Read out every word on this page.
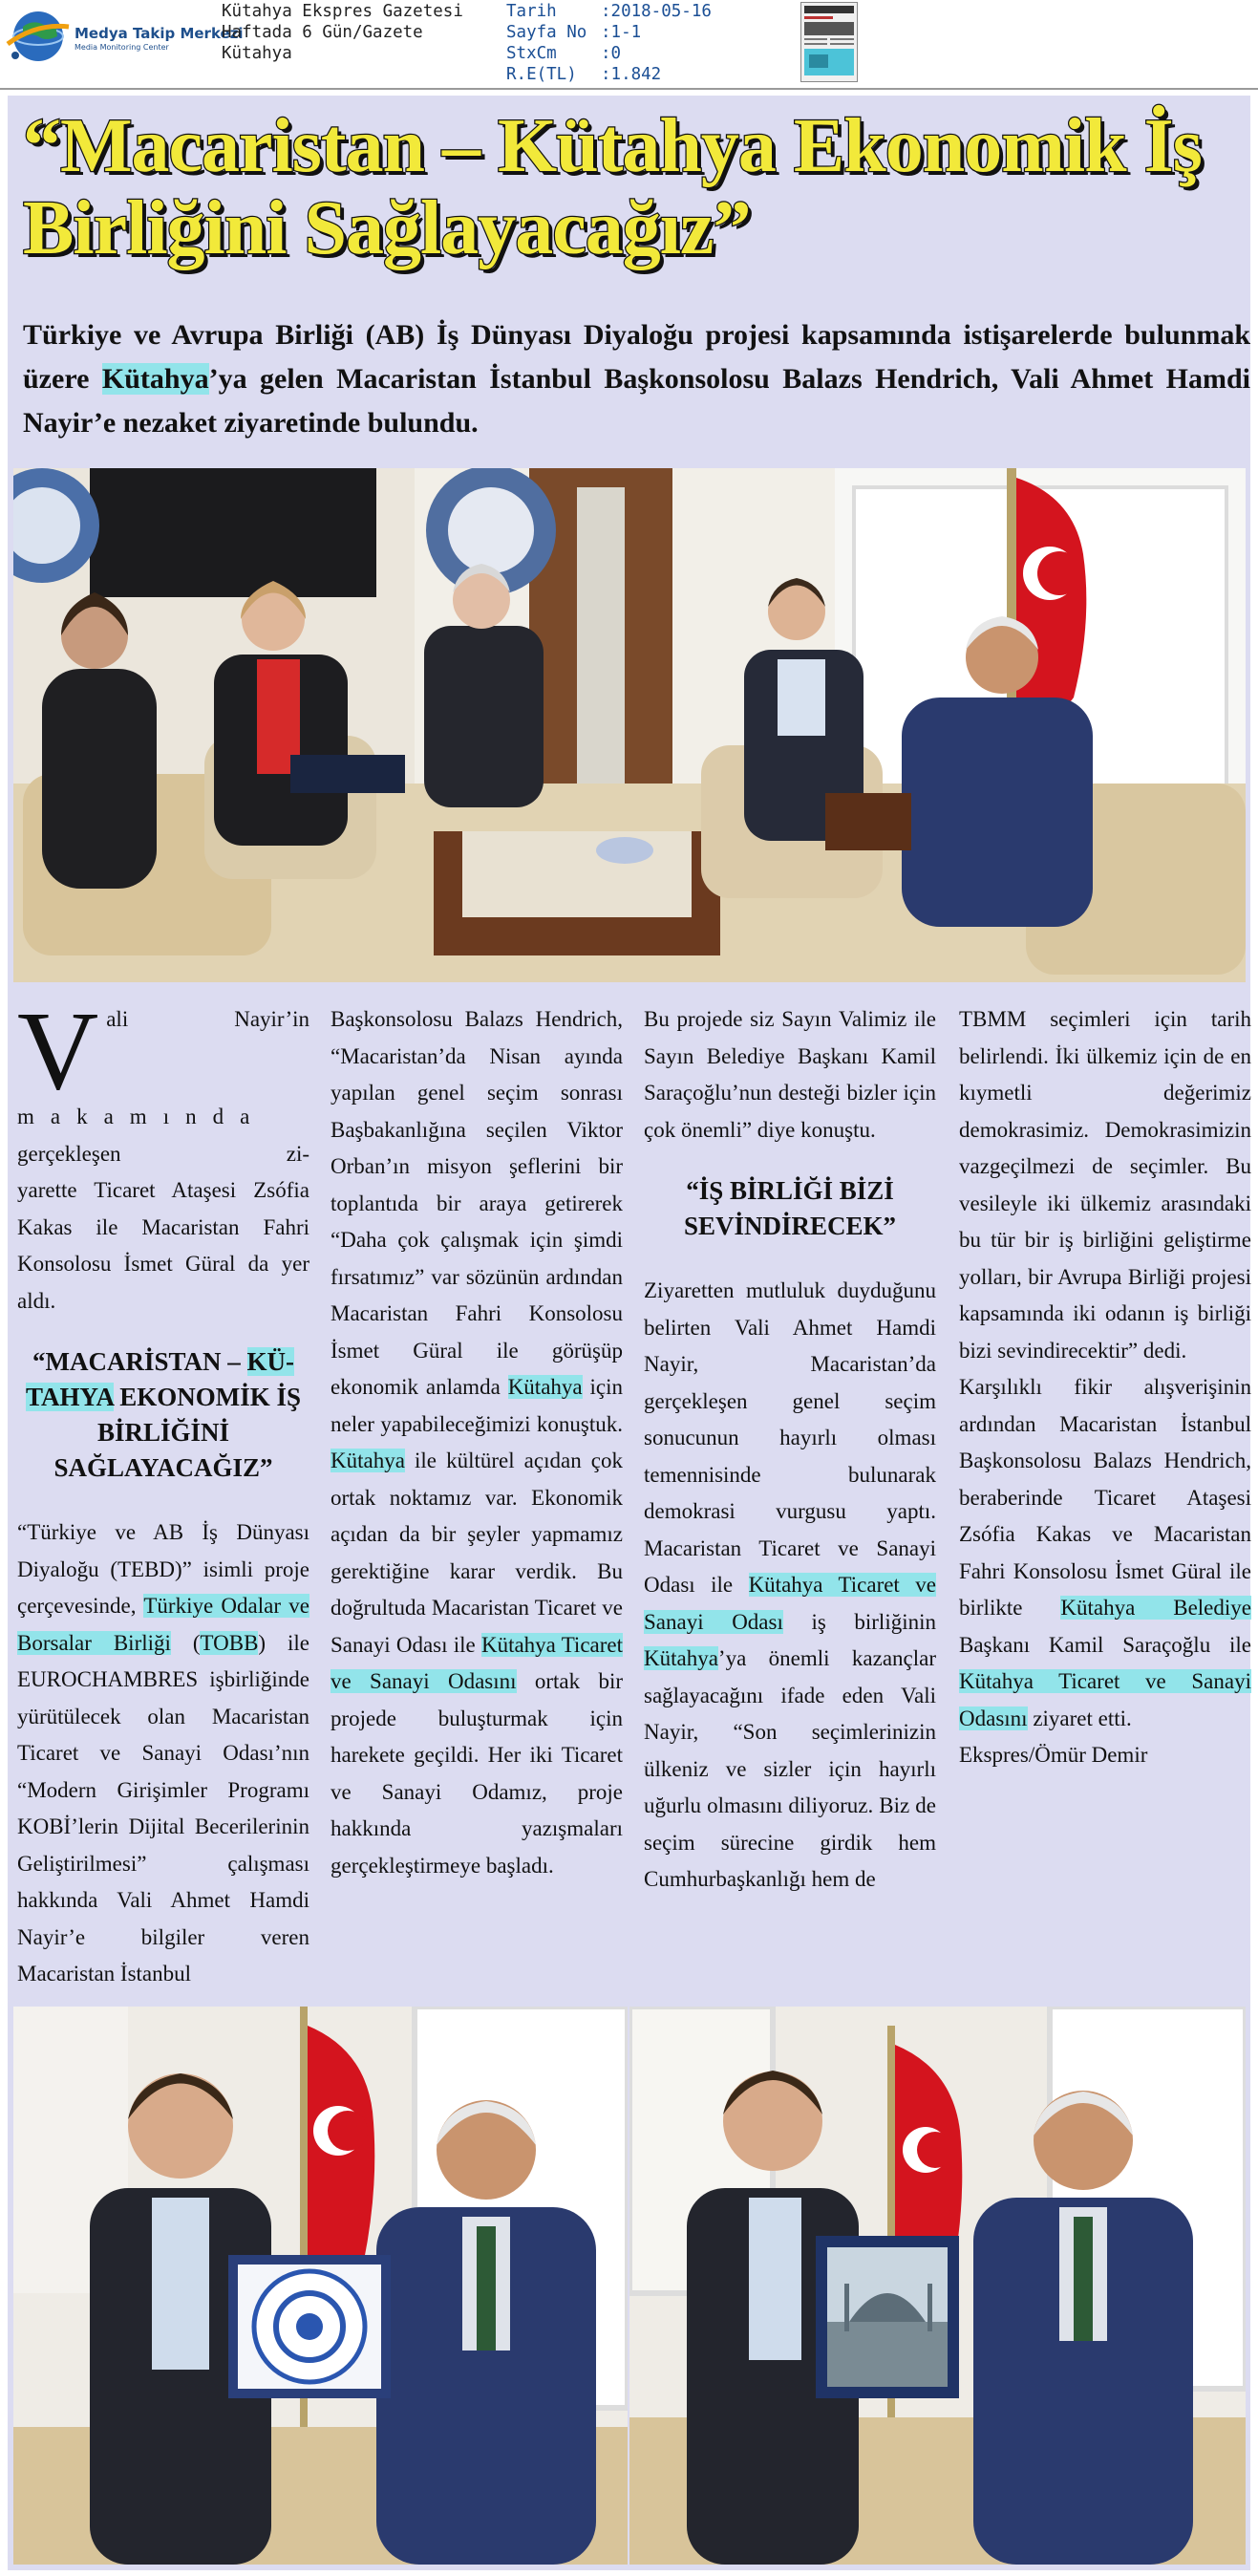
Medya Takip Merkezi
Media Monitoring Center
Kütahya Ekspres Gazetesi
Haftada 6 Gün/Gazete
Kütahya
Tarih	:2018-05-16
Sayfa No :1-1
StxCm	:0
R.E(TL) :1.842
“Macaristan – Kütahya Ekonomik İş Birliğini Sağlayacağız”

Türkiye ve Avrupa Birliği (AB) İş Dünyası Diyaloğu projesi kapsamında istişarelerde bulunmak üzere Kütahya’ya gelen Macaristan İstanbul Başkonsolosu Balazs Hendrich, Vali Ahmet Hamdi Nayir’e nezaket ziyaretinde bulundu.

V ali Nayir’in
makamında
gerçekleşen zi-
yarette Ticaret Ataşesi Zsófia Kakas ile Macaristan Fahri Konsolosu İsmet Güral da yer aldı.

“MACARİSTAN – KÜ-
TAHYA EKONOMİK İŞ BİRLİĞİNİ SAĞLAYACAĞIZ”

“Türkiye ve AB İş Dünyası Diyaloğu (TEBD)” isimli proje çerçevesinde, Türkiye Odalar ve Borsalar Birliği (TOBB) ile EUROCHAMBRES işbirliğinde yürütülecek olan Macaristan Ticaret ve Sanayi Odası’nın “Modern Girişimler Programı KOBİ’lerin Dijital Becerilerinin Geliştirilmesi” çalışması hakkında Vali Ahmet Hamdi Nayir’e bilgiler veren Macaristan İstanbul

Başkonsolosu Balazs Hendrich, “Macaristan’da Nisan ayında yapılan genel seçim sonrası Başbakanlığına seçilen Viktor Orban’ın misyon şeflerini bir toplantıda bir araya getirerek “Daha çok çalışmak için şimdi fırsatımız” var sözünün ardından Macaristan Fahri Konsolosu İsmet Güral ile görüşüp ekonomik anlamda Kütahya için neler yapabileceğimizi konuştuk. Kütahya ile kültürel açıdan çok ortak noktamız var. Ekonomik açıdan da bir şeyler yapmamız gerektiğine karar verdik. Bu doğrultuda Macaristan Ticaret ve Sanayi Odası ile Kütahya Ticaret ve Sanayi Odasını ortak bir projede buluşturmak için harekete geçildi. Her iki Ticaret ve Sanayi Odamız, proje hakkında yazışmaları gerçekleştirmeye başladı.

Bu projede siz Sayın Valimiz ile Sayın Belediye Başkanı Kamil Saraçoğlu’nun desteği bizler için çok önemli” diye konuştu.

“İŞ BİRLİĞİ BİZİ SEVİNDİRECEK”

Ziyaretten mutluluk duyduğunu belirten Vali Ahmet Hamdi Nayir, Macaristan’da gerçekleşen genel seçim sonucunun hayırlı olması temennisinde bulunarak demokrasi vurgusu yaptı. Macaristan Ticaret ve Sanayi Odası ile Kütahya Ticaret ve Sanayi Odası iş birliğinin Kütahya’ya önemli kazançlar sağlayacağını ifade eden Vali Nayir, “Son seçimlerinizin ülkeniz ve sizler için hayırlı uğurlu olmasını diliyoruz. Biz de seçim sürecine girdik hem Cumhurbaşkanlığı hem de

TBMM seçimleri için tarih belirlendi. İki ülkemiz için de en kıymetli değerimiz demokrasimiz. Demokrasimizin vazgeçilmezi de seçimler. Bu vesileyle iki ülkemiz arasındaki bu tür bir iş birliğini geliştirme yolları, bir Avrupa Birliği projesi kapsamında iki odanın iş birliği bizi sevindirecektir” dedi.

Karşılıklı fikir alışverişinin ardından Macaristan İstanbul Başkonsolosu Balazs Hendrich, beraberinde Ticaret Ataşesi Zsófia Kakas ve Macaristan Fahri Konsolosu İsmet Güral ile birlikte Kütahya Belediye Başkanı Kamil Saraçoğlu ile Kütahya Ticaret ve Sanayi Odasını ziyaret etti.

Ekspres/Ömür Demir
